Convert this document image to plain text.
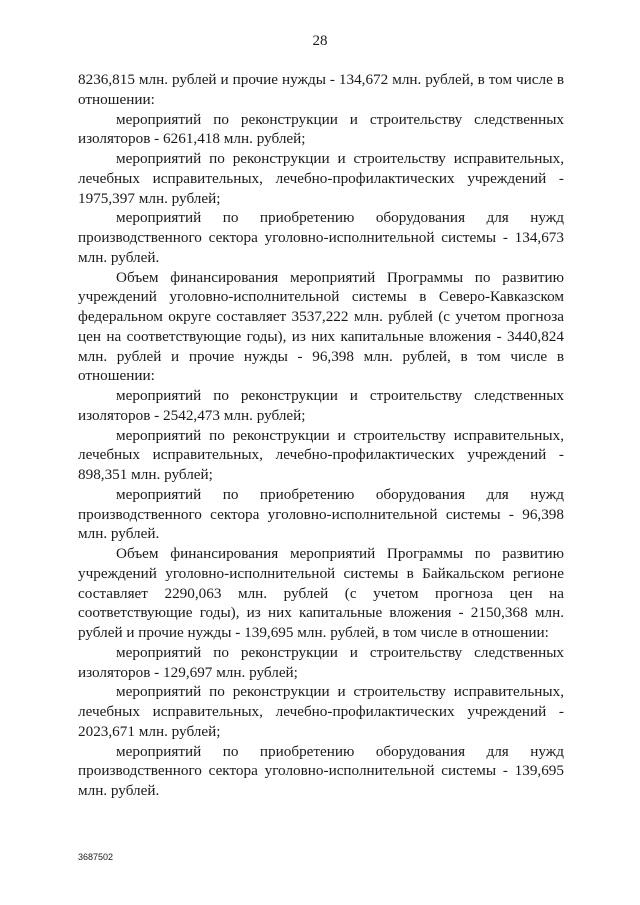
28

8236,815 млн. рублей и прочие нужды - 134,672 млн. рублей, в том числе в отношении:

мероприятий по реконструкции и строительству следственных изоляторов - 6261,418 млн. рублей;

мероприятий по реконструкции и строительству исправительных, лечебных исправительных, лечебно-профилактических учреждений - 1975,397 млн. рублей;

мероприятий по приобретению оборудования для нужд производственного сектора уголовно-исполнительной системы - 134,673 млн. рублей.

Объем финансирования мероприятий Программы по развитию учреждений уголовно-исполнительной системы в Северо-Кавказском федеральном округе составляет 3537,222 млн. рублей (с учетом прогноза цен на соответствующие годы), из них капитальные вложения - 3440,824 млн. рублей и прочие нужды - 96,398 млн. рублей, в том числе в отношении:

мероприятий по реконструкции и строительству следственных изоляторов - 2542,473 млн. рублей;

мероприятий по реконструкции и строительству исправительных, лечебных исправительных, лечебно-профилактических учреждений - 898,351 млн. рублей;

мероприятий по приобретению оборудования для нужд производственного сектора уголовно-исполнительной системы - 96,398 млн. рублей.

Объем финансирования мероприятий Программы по развитию учреждений уголовно-исполнительной системы в Байкальском регионе составляет 2290,063 млн. рублей (с учетом прогноза цен на соответствующие годы), из них капитальные вложения - 2150,368 млн. рублей и прочие нужды - 139,695 млн. рублей, в том числе в отношении:

мероприятий по реконструкции и строительству следственных изоляторов - 129,697 млн. рублей;

мероприятий по реконструкции и строительству исправительных, лечебных исправительных, лечебно-профилактических учреждений - 2023,671 млн. рублей;

мероприятий по приобретению оборудования для нужд производственного сектора уголовно-исполнительной системы - 139,695 млн. рублей.

3687502
